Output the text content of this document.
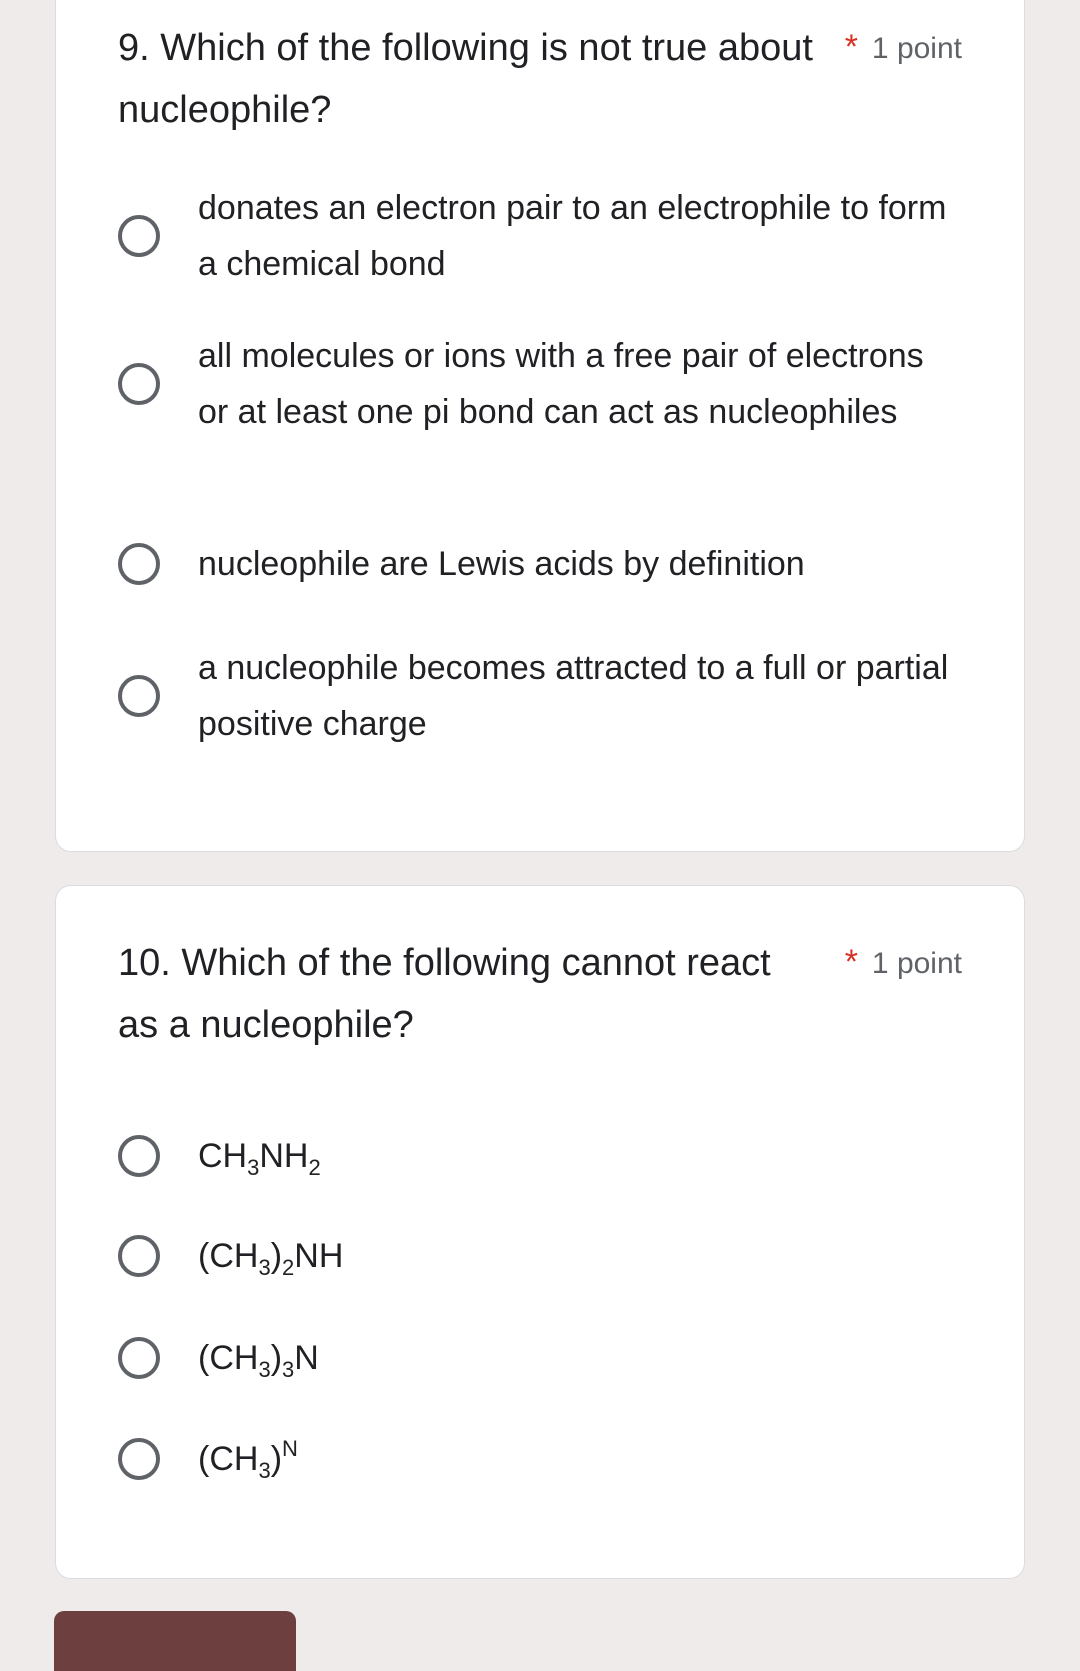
9. Which of the following is not true about nucleophile?
* 1 point
donates an electron pair to an electrophile to form a chemical bond
all molecules or ions with a free pair of electrons or at least one pi bond can act as nucleophiles
nucleophile are Lewis acids by definition
a nucleophile becomes attracted to a full or partial positive charge
10. Which of the following cannot react as a nucleophile?
* 1 point
$CH_3NH_2$
$(CH_3)_2NH$
$(CH_3)_3N$
$(CH_3)^N$
